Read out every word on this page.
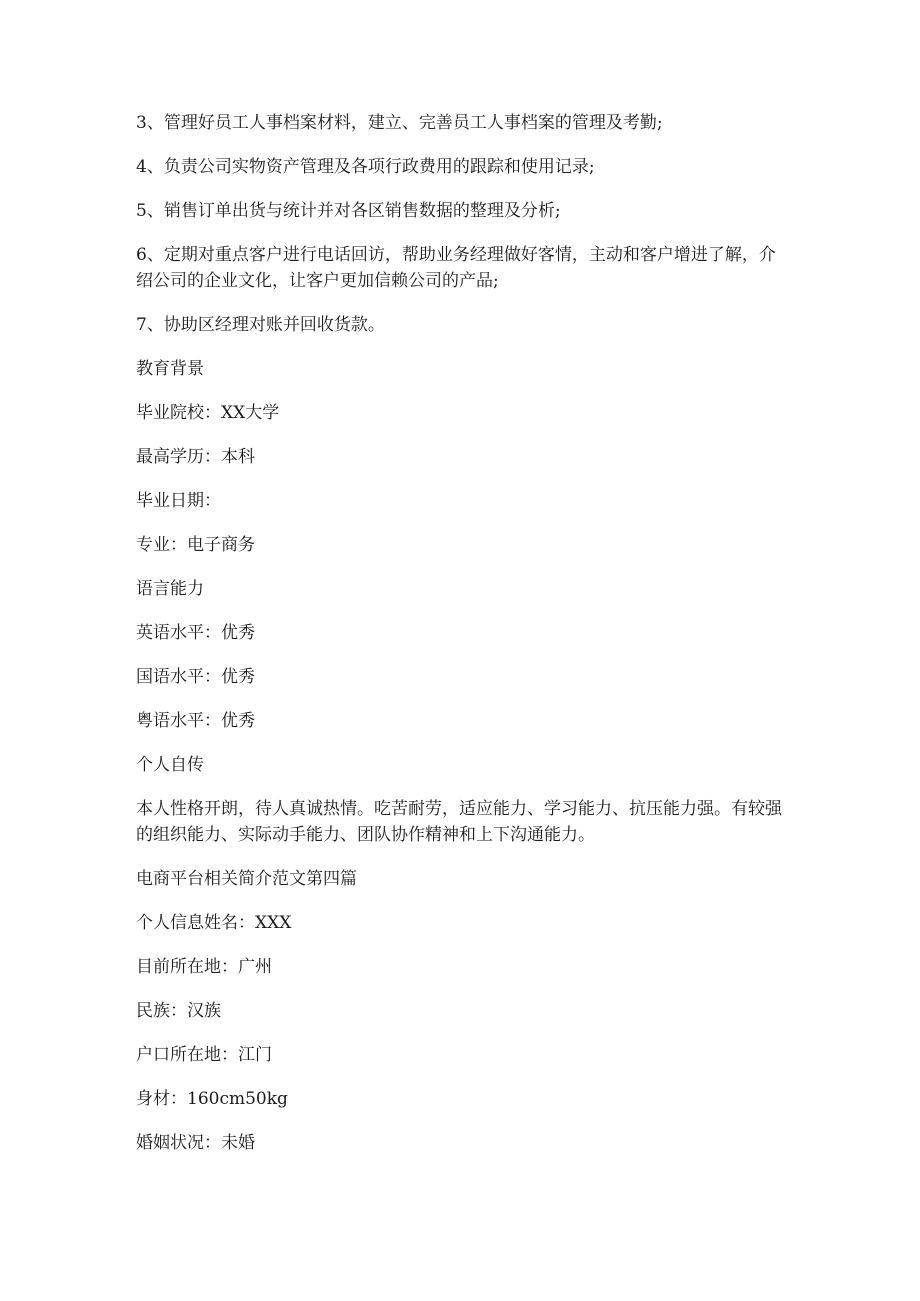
3、管理好员工人事档案材料，建立、完善员工人事档案的管理及考勤;

4、负责公司实物资产管理及各项行政费用的跟踪和使用记录;

5、销售订单出货与统计并对各区销售数据的整理及分析;

6、定期对重点客户进行电话回访，帮助业务经理做好客情，主动和客户增进了解，介绍公司的企业文化，让客户更加信赖公司的产品;

7、协助区经理对账并回收货款。

教育背景

毕业院校：XX大学

最高学历：本科

毕业日期：

专业：电子商务

语言能力

英语水平：优秀

国语水平：优秀

粤语水平：优秀

个人自传

本人性格开朗，待人真诚热情。吃苦耐劳，适应能力、学习能力、抗压能力强。有较强的组织能力、实际动手能力、团队协作精神和上下沟通能力。

电商平台相关简介范文第四篇

个人信息姓名：XXX

目前所在地：广州

民族：汉族

户口所在地：江门

身材：160cm50kg

婚姻状况：未婚
